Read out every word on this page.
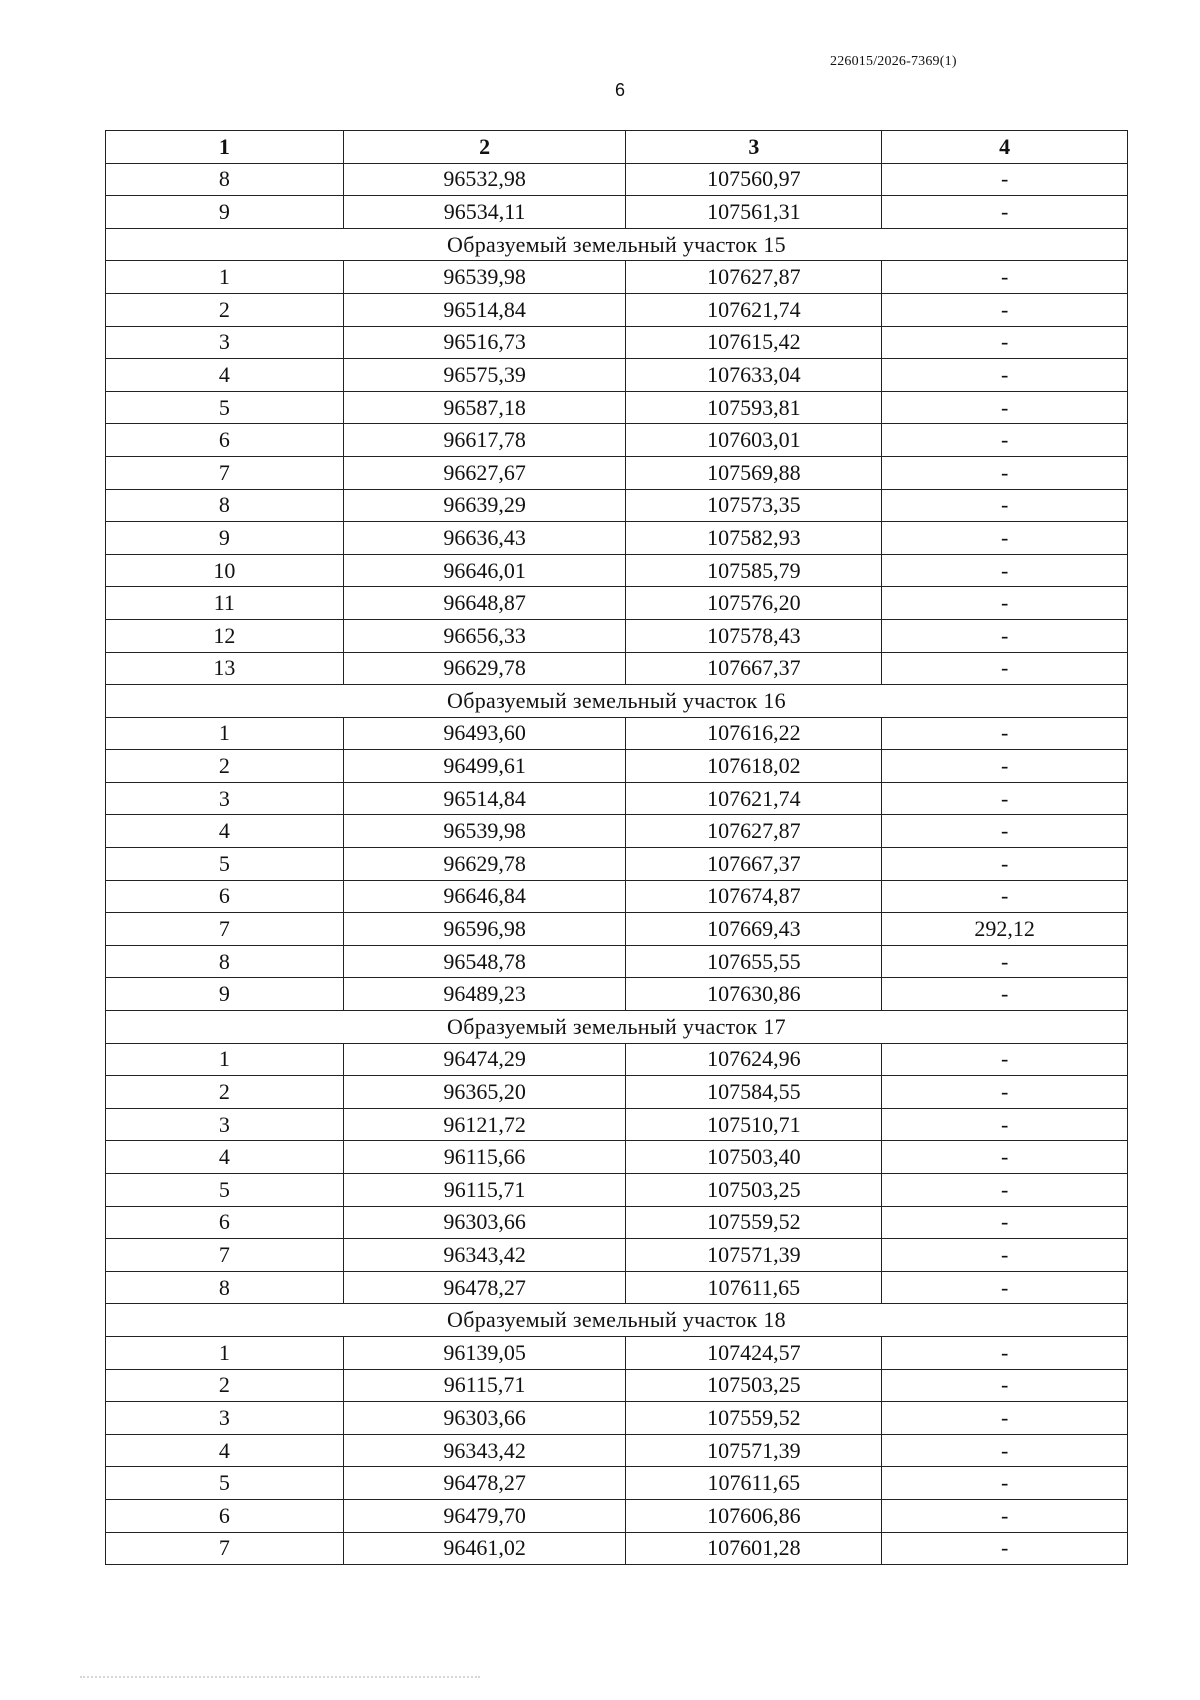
226015/2026-7369(1)
6
1	2	3	4
8	96532,98	107560,97	-
9	96534,11	107561,31	-
Образуемый земельный участок 15			
1	96539,98	107627,87	-
2	96514,84	107621,74	-
3	96516,73	107615,42	-
4	96575,39	107633,04	-
5	96587,18	107593,81	-
6	96617,78	107603,01	-
7	96627,67	107569,88	-
8	96639,29	107573,35	-
9	96636,43	107582,93	-
10	96646,01	107585,79	-
11	96648,87	107576,20	-
12	96656,33	107578,43	-
13	96629,78	107667,37	-
Образуемый земельный участок 16			
1	96493,60	107616,22	-
2	96499,61	107618,02	-
3	96514,84	107621,74	-
4	96539,98	107627,87	-
5	96629,78	107667,37	-
6	96646,84	107674,87	-
7	96596,98	107669,43	292,12
8	96548,78	107655,55	-
9	96489,23	107630,86	-
Образуемый земельный участок 17			
1	96474,29	107624,96	-
2	96365,20	107584,55	-
3	96121,72	107510,71	-
4	96115,66	107503,40	-
5	96115,71	107503,25	-
6	96303,66	107559,52	-
7	96343,42	107571,39	-
8	96478,27	107611,65	-
Образуемый земельный участок 18			
1	96139,05	107424,57	-
2	96115,71	107503,25	-
3	96303,66	107559,52	-
4	96343,42	107571,39	-
5	96478,27	107611,65	-
6	96479,70	107606,86	-
7	96461,02	107601,28	-
